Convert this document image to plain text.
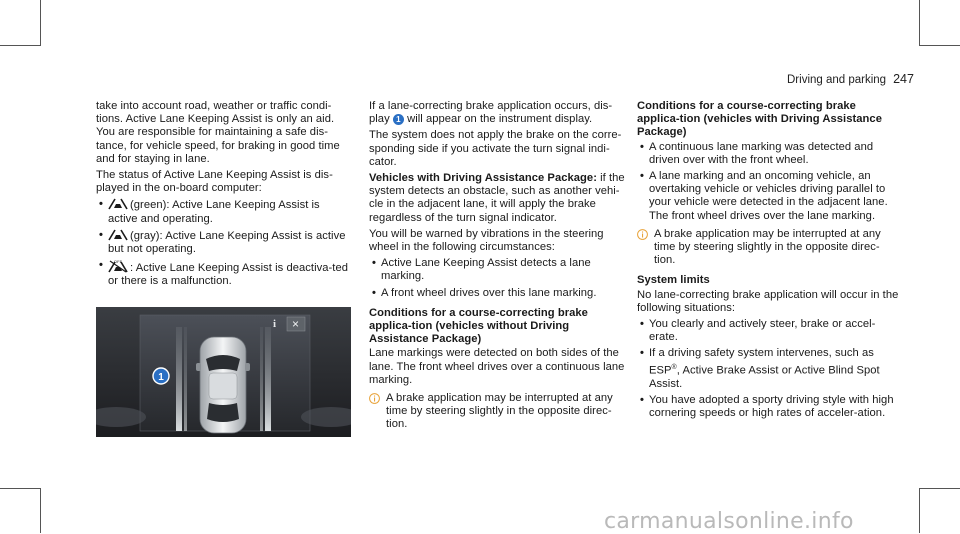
Driving and parking 247

take into account road, weather or traffic condi-tions. Active Lane Keeping Assist is only an aid. You are responsible for maintaining a safe dis-tance, for vehicle speed, for braking in good time and for staying in lane.

The status of Active Lane Keeping Assist is dis-played in the on-board computer:

• (green): Active Lane Keeping Assist is active and operating.
• (gray): Active Lane Keeping Assist is active but not operating.
•	OFF
: Active Lane Keeping Assist is deactiva-ted or there is a malfunction.
i ×
1

If a lane-correcting brake application occurs, dis-play 1 will appear on the instrument display.

The system does not apply the brake on the corre-sponding side if you activate the turn signal indi-cator.

Vehicles with Driving Assistance Package: if the system detects an obstacle, such as another vehi-cle in the adjacent lane, it will apply the brake regardless of the turn signal indicator.

You will be warned by vibrations in the steering wheel in the following circumstances:

• Active Lane Keeping Assist detects a lane marking.
• A front wheel drives over this lane marking.
Conditions for a course-correcting brake applica-tion (vehicles without Driving Assistance Package)

Lane markings were detected on both sides of the lane. The front wheel drives over a continuous lane marking.

A brake application may be interrupted at any time by steering slightly in the opposite direc-tion.
Conditions for a course-correcting brake applica-tion (vehicles with Driving Assistance Package)
• A continuous lane marking was detected and driven over with the front wheel.
• A lane marking and an oncoming vehicle, an overtaking vehicle or vehicles driving parallel to your vehicle were detected in the adjacent lane. The front wheel drives over the lane marking.
A brake application may be interrupted at any time by steering slightly in the opposite direc-tion.
System limits

No lane-correcting brake application will occur in the following situations:

• You clearly and actively steer, brake or accel-erate.
• If a driving safety system intervenes, such as ESP®, Active Brake Assist or Active Blind Spot Assist.
• You have adopted a sporty driving style with high cornering speeds or high rates of acceler-ation.
carmanualsonline.info
